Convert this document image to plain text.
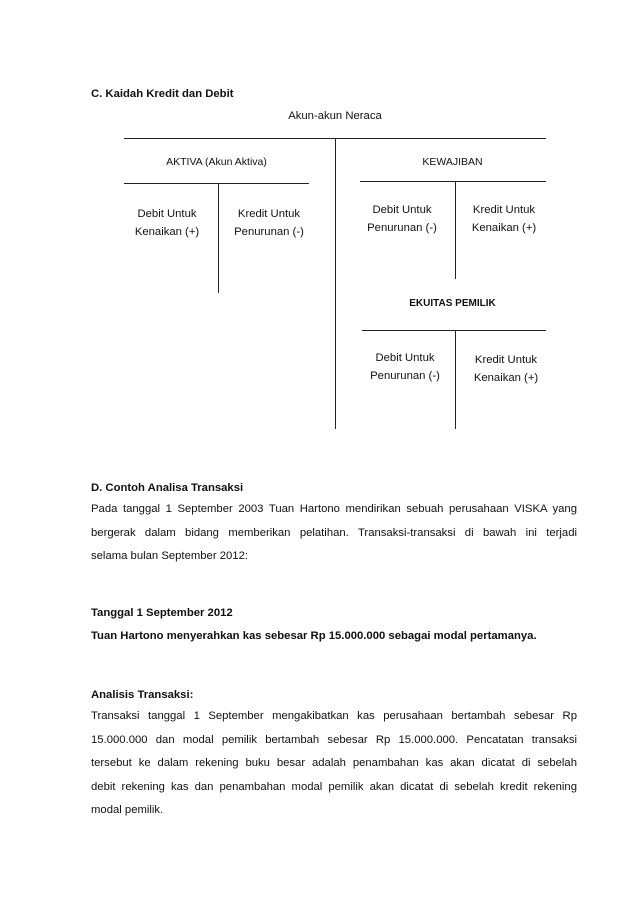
C. Kaidah Kredit dan Debit
Akun-akun Neraca
AKTIVA (Akun Aktiva)
Debit Untuk
Kenaikan (+)
Kredit Untuk
Penurunan (-)
KEWAJIBAN
Debit Untuk
Penurunan (-)
Kredit Untuk
Kenaikan (+)
EKUITAS PEMILIK
Debit Untuk
Penurunan (-)
Kredit Untuk
Kenaikan (+)
D. Contoh Analisa Transaksi
Pada tanggal 1 September 2003 Tuan Hartono mendirikan sebuah perusahaan VISKA yang
bergerak dalam bidang memberikan pelatihan. Transaksi-transaksi di bawah ini terjadi
selama bulan September 2012:
Tanggal 1 September 2012
Tuan Hartono menyerahkan kas sebesar Rp 15.000.000 sebagai modal pertamanya.
Analisis Transaksi:
Transaksi tanggal 1 September mengakibatkan kas perusahaan bertambah sebesar Rp
15.000.000 dan modal pemilik bertambah sebesar Rp 15.000.000. Pencatatan transaksi
tersebut ke dalam rekening buku besar adalah penambahan kas akan dicatat di sebelah
debit rekening kas dan penambahan modal pemilik akan dicatat di sebelah kredit rekening
modal pemilik.
